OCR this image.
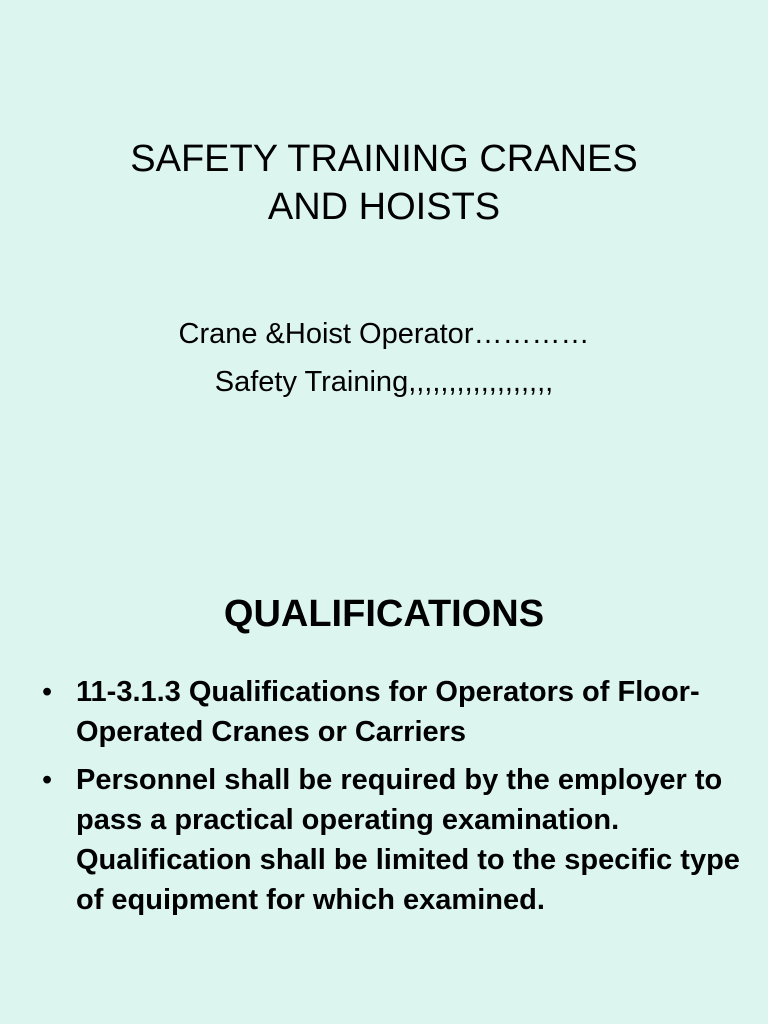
SAFETY TRAINING CRANES
AND HOISTS
Crane &Hoist Operator…………
Safety Training,,,,,,,,,,,,,,,,,,
QUALIFICATIONS
• 11-3.1.3 Qualifications for Operators of Floor-Operated Cranes or Carriers
• Personnel shall be required by the employer to pass a practical operating examination. Qualification shall be limited to the specific type of equipment for which examined.
